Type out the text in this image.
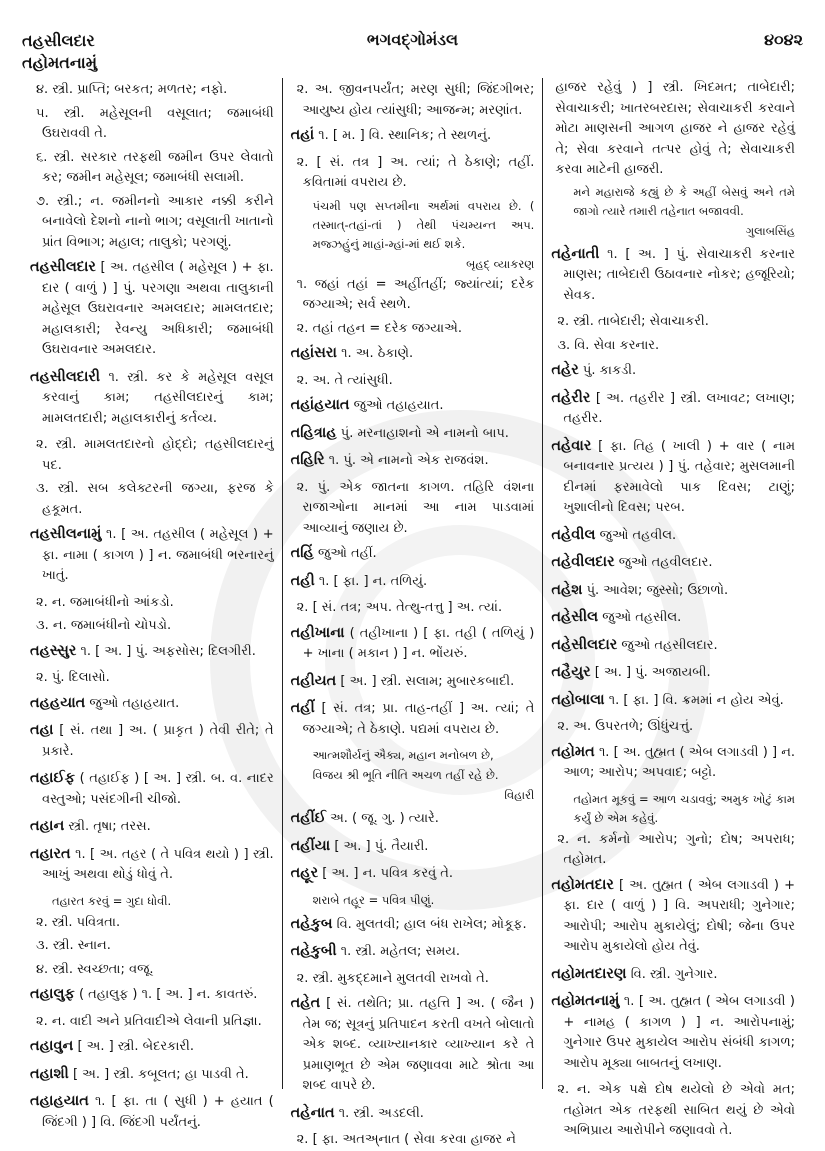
તહસીલદાર
તહોમતનામું
ભગવદ્ગોમંડલ	૪૦૪૨
૪. સ્ત્રી. પ્રાપ્તિ; બરકત; મળતર; નફો.
૫. સ્ત્રી. મહેસૂલની વસૂલાત; જમાબંધી ઉઘરાવવી તે.
૬. સ્ત્રી. સરકાર તરફથી જમીન ઉપર લેવાતો કર; જમીન મહેસૂલ; જમાબંધી સલામી.
૭. સ્ત્રી.; ન. જમીનનો આકાર નક્કી કરીને બનાવેલો દેશનો નાનો ભાગ; વસૂલાતી ખાતાનો પ્રાંત વિભાગ; મહાલ; તાલુકો; પરગણું.
તહસીલદાર [ અ. તહસીલ ( મહેસૂલ ) + ફા. દાર ( વાળું ) ] પું. પરગણા અથવા તાલુકાની મહેસૂલ ઉઘરાવનાર અમલદાર; મામલતદાર; મહાલકારી; રેવન્યુ અધિકારી; જમાબંધી ઉઘરાવનાર અમલદાર.
તહસીલદારી ૧. સ્ત્રી. કર કે મહેસૂલ વસૂલ કરવાનું કામ; તહસીલદારનું કામ; મામલતદારી; મહાલકારીનું કર્તવ્ય.
૨. સ્ત્રી. મામલતદારનો હોદ્દો; તહસીલદારનું પદ.
૩. સ્ત્રી. સબ કલેક્ટરની જગ્યા, ફરજ કે હકૂમત.
તહસીલનામું ૧. [ અ. તહસીલ ( મહેસૂલ ) + ફા. નામા ( કાગળ ) ] ન. જમાબંધી ભરનારનું ખાતું.
૨. ન. જમાબંધીનો આંકડો.
૩. ન. જમાબંધીનો ચોપડો.
તહસ્સુર ૧. [ અ. ] પું. અફસોસ; દિલગીરી.
૨. પું. દિલાસો.
તહહયાત જુઓ તહાહયાત.
તહા [ સં. તથા ] અ. ( પ્રાકૃત ) તેવી રીતે; તે પ્રકારે.
તહાઈફ ( તહાઈફ ) [ અ. ] સ્ત્રી. બ. વ. નાદર વસ્તુઓ; પસંદગીની ચીજો.
તહાન સ્ત્રી. તૃષા; તરસ.
તહારત ૧. [ અ. તહર ( તે પવિત્ર થયો ) ] સ્ત્રી. આખું અથવા થોડું ધોવું તે.
તહારત કરવું = ગુદા ધોવી.
૨. સ્ત્રી. પવિત્રતા.
૩. સ્ત્રી. સ્નાન.
૪. સ્ત્રી. સ્વચ્છતા; વજૂ.
તહાલુફ ( તહાલુફ ) ૧. [ અ. ] ન. કાવતરું.
૨. ન. વાદી અને પ્રતિવાદીએ લેવાની પ્રતિજ્ઞા.
તહાવુન [ અ. ] સ્ત્રી. બેદરકારી.
તહાશી [ અ. ] સ્ત્રી. કબૂલત; હા પાડવી તે.
તહાહયાત ૧. [ ફા. તા ( સુધી ) + હયાત ( જિંદગી ) ] વિ. જિંદગી પર્યંતનું.
૨. અ. જીવનપર્યંત; મરણ સુધી; જિંદગીભર; આયુષ્ય હોય ત્યાંસુધી; આજન્મ; મરણાંત.
તહાં ૧. [ મ. ] વિ. સ્થાનિક; તે સ્થળનું.
૨. [ સં. તત્ર ] અ. ત્યાં; તે ઠેકાણે; તહીં. કવિતામાં વપરાય છે.
પંચમી પણ સપ્તમીના અર્થમાં વપરાય છે. ( તસ્માત્-તહાં-તાં ) તેથી પંચમ્યન્ત અપ. મજ્ઝહુંનું માહાં-મ્હાં-માં થઈ શકે.
બૃહદ્ વ્યાકરણ
૧. જહાં તહાં = અહીંતહીં; જ્યાંત્યાં; દરેક જગ્યાએ; સર્વ સ્થળે.
૨. તહાં તહન = દરેક જગ્યાએ.
તહાંસરા ૧. અ. ઠેકાણે.
૨. અ. તે ત્યાંસુધી.
તહાંહયાત જુઓ તહાહયાત.
તહિત્રાહ પું. મરનાહાશનો એ નામનો બાપ.
તહિરિ ૧. પું. એ નામનો એક રાજવંશ.
૨. પું. એક જાતના કાગળ. તહિરિ વંશના રાજાઓના માનમાં આ નામ પાડવામાં આવ્યાનું જણાય છે.
તહિં જુઓ તહીં.
તહી ૧. [ ફા. ] ન. તળિયું.
૨. [ સં. તત્ર; અપ. તેત્થુ-તત્તુ ] અ. ત્યાં.
તહીખાના ( તહીખાના ) [ ફા. તહી ( તળિયું ) + ખાના ( મકાન ) ] ન. ભોંયરું.
તહીયત [ અ. ] સ્ત્રી. સલામ; મુબારકબાદી.
તહીં [ સં. તત્ર; પ્રા. તાહ-તહીં ] અ. ત્યાં; તે જગ્યાએ; તે ઠેકાણે. પદ્યમાં વપરાય છે.
આત્મશૌર્યનું ઐક્ય, મહાન મનોબળ છે,
વિજય શ્રી ભૂતિ નીતિ અચળ તહીં રહે છે.
વિહારી
તહીંઈ અ. ( જૂ. ગુ. ) ત્યારે.
તહીંયા [ અ. ] પું. તૈયારી.
તહૂર [ અ. ] ન. પવિત્ર કરવું તે.
શરાબે તહૂર = પવિત્ર પીણું.
તહેકુબ વિ. મુલતવી; હાલ બંધ રાખેલ; મોકૂફ.
તહેકુબી ૧. સ્ત્રી. મહેતલ; સમય.
૨. સ્ત્રી. મુકદ્દમાને મુલતવી રાખવો તે.
તહેત [ સં. તથેતિ; પ્રા. તહત્તિ ] અ. ( જૈન ) તેમ જ; સૂત્રનું પ્રતિપાદન કરતી વખતે બોલાતો એક શબ્દ. વ્યાખ્યાનકાર વ્યાખ્યાન કરે તે પ્રમાણભૂત છે એમ જણાવવા માટે શ્રોતા આ શબ્દ વાપરે છે.
તહેનાત ૧. સ્ત્રી. અડદલી.
૨. [ ફા. અતઅ્નાત ( સેવા કરવા હાજર ને
હાજર રહેવું ) ] સ્ત્રી. ખિદમત; તાબેદારી; સેવાચાકરી; ખાતરબરદાસ; સેવાચાકરી કરવાને મોટા માણસની આગળ હાજર ને હાજર રહેવું તે; સેવા કરવાને તત્પર હોવું તે; સેવાચાકરી કરવા માટેની હાજરી.
મને મહારાજે કહ્યું છે કે અહીં બેસવું અને તમે જાગો ત્યારે તમારી તહેનાત બજાવવી.
ગુલાબસિંહ
તહેનાતી ૧. [ અ. ] પું. સેવાચાકરી કરનાર માણસ; તાબેદારી ઉઠાવનાર નોકર; હજૂરિયો; સેવક.
૨. સ્ત્રી. તાબેદારી; સેવાચાકરી.
૩. વિ. સેવા કરનાર.
તહેર પું. કાકડી.
તહેરીર [ અ. તહરીર ] સ્ત્રી. લખાવટ; લખાણ; તહરીર.
તહેવાર [ ફા. તિહ ( ખાલી ) + વાર ( નામ બનાવનાર પ્રત્યય ) ] પું. તહેવાર; મુસલમાની દીનમાં ફરમાવેલો પાક દિવસ; ટાણું; ખુશાલીનો દિવસ; પરબ.
તહેવીલ જુઓ તહવીલ.
તહેવીલદાર જુઓ તહવીલદાર.
તહેશ પું. આવેશ; જુસ્સો; ઉછાળો.
તહેસીલ જુઓ તહસીલ.
તહેસીલદાર જુઓ તહસીલદાર.
તહૈયુર [ અ. ] પું. અજાયબી.
તહોબાલા ૧. [ ફા. ] વિ. ક્રમમાં ન હોય એવું.
૨. અ. ઉપરતળે; ઊંધુંચત્તું.
તહોમત ૧. [ અ. તુહ્મત ( એબ લગાડવી ) ] ન. આળ; આરોપ; અપવાદ; બટ્ટો.
તહોમત મૂકવું = આળ ચડાવવું; અમુક ખોટું કામ કર્યું છે એમ કહેવું.
૨. ન. કર્મનો આરોપ; ગુનો; દોષ; અપરાધ; તહોમત.
તહોમતદાર [ અ. તુહ્મત ( એબ લગાડવી ) + ફા. દાર ( વાળું ) ] વિ. અપરાધી; ગુનેગાર; આરોપી; આરોપ મુકાયેલું; દોષી; જેના ઉપર આરોપ મુકાયેલો હોય તેવું.
તહોમતદારણ વિ. સ્ત્રી. ગુનેગાર.
તહોમતનામું ૧. [ અ. તુહ્મત ( એબ લગાડવી ) + નામહ ( કાગળ ) ] ન. આરોપનામું; ગુનેગાર ઉપર મુકાયેલ આરોપ સંબંધી કાગળ; આરોપ મૂક્યા બાબતનું લખાણ.
૨. ન. એક પક્ષે દોષ થયેલો છે એવો મત; તહોમત એક તરફથી સાબિત થયું છે એવો અભિપ્રાય આરોપીને જણાવવો તે.
